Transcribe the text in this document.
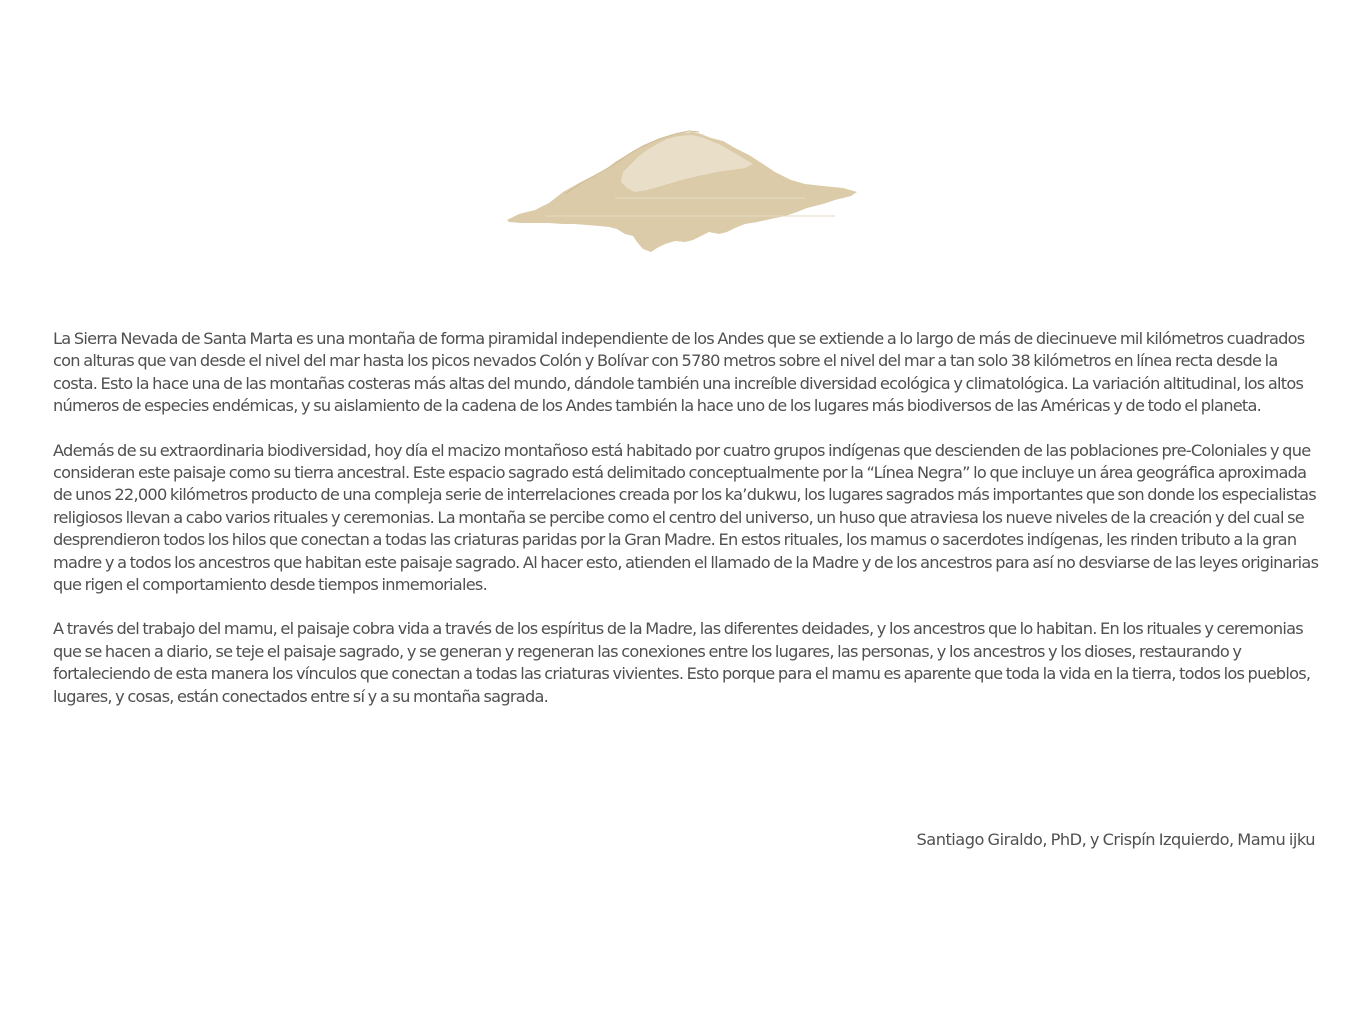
La Sierra Nevada de Santa Marta es una montaña de forma piramidal independiente de los Andes que se extiende a lo largo de más de diecinueve mil kilómetros cuadrados con alturas que van desde el nivel del mar hasta los picos nevados Colón y Bolívar con 5780 metros sobre el nivel del mar a tan solo 38 kilómetros en línea recta desde la costa. Esto la hace una de las montañas costeras más altas del mundo, dándole también una increíble diversidad ecológica y climatológica. La variación altitudinal, los altos números de especies endémicas, y su aislamiento de la cadena de los Andes también la hace uno de los lugares más biodiversos de las Américas y de todo el planeta.

Además de su extraordinaria biodiversidad, hoy día el macizo montañoso está habitado por cuatro grupos indígenas que descienden de las poblaciones pre-Coloniales y que consideran este paisaje como su tierra ancestral. Este espacio sagrado está delimitado conceptualmente por la “Línea Negra” lo que incluye un área geográfica aproximada de unos 22,000 kilómetros producto de una compleja serie de interrelaciones creada por los ka’dukwu, los lugares sagrados más importantes que son donde los especialistas religiosos llevan a cabo varios rituales y ceremonias. La montaña se percibe como el centro del universo, un huso que atraviesa los nueve niveles de la creación y del cual se desprendieron todos los hilos que conectan a todas las criaturas paridas por la Gran Madre. En estos rituales, los mamus o sacerdotes indígenas, les rinden tributo a la gran madre y a todos los ancestros que habitan este paisaje sagrado. Al hacer esto, atienden el llamado de la Madre y de los ancestros para así no desviarse de las leyes originarias que rigen el comportamiento desde tiempos inmemoriales.

A través del trabajo del mamu, el paisaje cobra vida a través de los espíritus de la Madre, las diferentes deidades, y los ancestros que lo habitan. En los rituales y ceremonias que se hacen a diario, se teje el paisaje sagrado, y se generan y regeneran las conexiones entre los lugares, las personas, y los ancestros y los dioses, restaurando y fortaleciendo de esta manera los vínculos que conectan a todas las criaturas vivientes. Esto porque para el mamu es aparente que toda la vida en la tierra, todos los pueblos, lugares, y cosas, están conectados entre sí y a su montaña sagrada.

Santiago Giraldo, PhD, y Crispín Izquierdo, Mamu ijku
